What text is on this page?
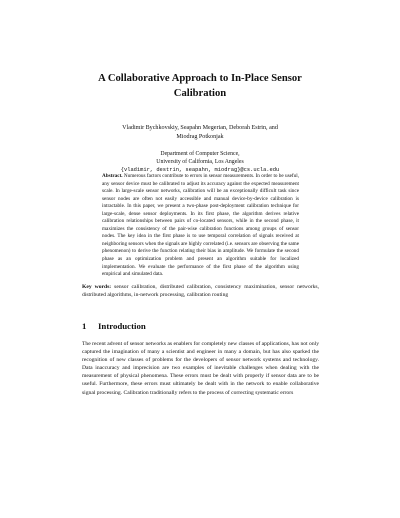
A Collaborative Approach to In-Place Sensor
Calibration
Vladimir Bychkovskiy, Seapahn Megerian, Deborah Estrin, and
Miodrag Potkonjak
Department of Computer Science,
University of California, Los Angeles
{vladimir, destrin, seapahn, miodrag}@cs.ucla.edu
Abstract. Numerous factors contribute to errors in sensor measurements. In order to be useful, any sensor device must be calibrated to adjust its accuracy against the expected measurement scale. In large-scale sensor networks, calibration will be an exceptionally difficult task since sensor nodes are often not easily accessible and manual device-by-device calibration is intractable. In this paper, we present a two-phase post-deployment calibration technique for large-scale, dense sensor deployments. In its first phase, the algorithm derives relative calibration relationships between pairs of co-located sensors, while in the second phase, it maximizes the consistency of the pair-wise calibration functions among groups of sensor nodes. The key idea in the first phase is to use temporal correlation of signals received at neighboring sensors when the signals are highly correlated (i.e. sensors are observing the same phenomenon) to derive the function relating their bias in amplitude. We formulate the second phase as an optimization problem and present an algorithm suitable for localized implementation. We evaluate the performance of the first phase of the algorithm using empirical and simulated data.
Key words: sensor calibration, distributed calibration, consistency maximination, sensor networks, distributed algorithms, in-network processing, calibration routing
1 Introduction
The recent advent of sensor networks as enablers for completely new classes of applications, has not only captured the imagination of many a scientist and engineer in many a domain, but has also sparked the recognition of new classes of problems for the developers of sensor network systems and technology. Data inaccuracy and imprecision are two examples of inevitable challenges when dealing with the measurement of physical phenomena. These errors must be dealt with properly if sensor data are to be useful. Furthermore, these errors must ultimately be dealt with in the network to enable collaborative signal processing. Calibration traditionally refers to the process of correcting systematic errors
